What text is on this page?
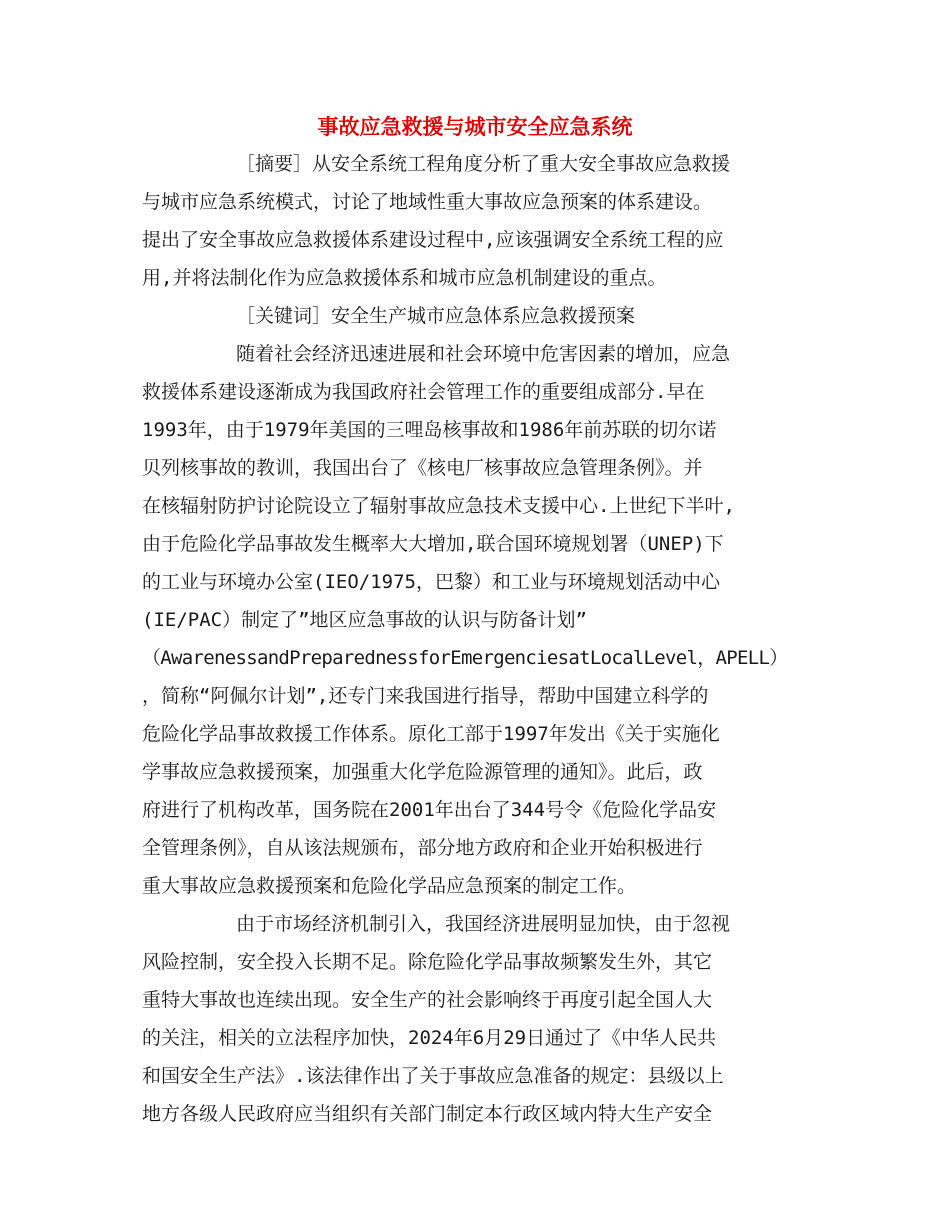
事故应急救援与城市安全应急系统

［摘要］从安全系统工程角度分析了重大安全事故应急救援

与城市应急系统模式，讨论了地域性重大事故应急预案的体系建设。

提出了安全事故应急救援体系建设过程中,应该强调安全系统工程的应

用,并将法制化作为应急救援体系和城市应急机制建设的重点。

［关键词］安全生产城市应急体系应急救援预案

随着社会经济迅速进展和社会环境中危害因素的增加，应急

救援体系建设逐渐成为我国政府社会管理工作的重要组成部分.早在

1993年，由于1979年美国的三哩岛核事故和1986年前苏联的切尔诺

贝列核事故的教训，我国出台了《核电厂核事故应急管理条例》。并

在核辐射防护讨论院设立了辐射事故应急技术支援中心.上世纪下半叶,

由于危险化学品事故发生概率大大增加,联合国环境规划署（UNEP)下

的工业与环境办公室(IEO/1975，巴黎）和工业与环境规划活动中心

(IE/PAC）制定了”地区应急事故的认识与防备计划”

（AwarenessandPreparednessforEmergenciesatLocalLevel，APELL）

，简称“阿佩尔计划”,还专门来我国进行指导，帮助中国建立科学的

危险化学品事故救援工作体系。原化工部于1997年发出《关于实施化

学事故应急救援预案，加强重大化学危险源管理的通知》。此后，政

府进行了机构改革，国务院在2001年出台了344号令《危险化学品安

全管理条例》，自从该法规颁布，部分地方政府和企业开始积极进行

重大事故应急救援预案和危险化学品应急预案的制定工作。

由于市场经济机制引入，我国经济进展明显加快，由于忽视

风险控制，安全投入长期不足。除危险化学品事故频繁发生外，其它

重特大事故也连续出现。安全生产的社会影响终于再度引起全国人大

的关注，相关的立法程序加快，2024年6月29日通过了《中华人民共

和国安全生产法》.该法律作出了关于事故应急准备的规定：县级以上

地方各级人民政府应当组织有关部门制定本行政区域内特大生产安全
